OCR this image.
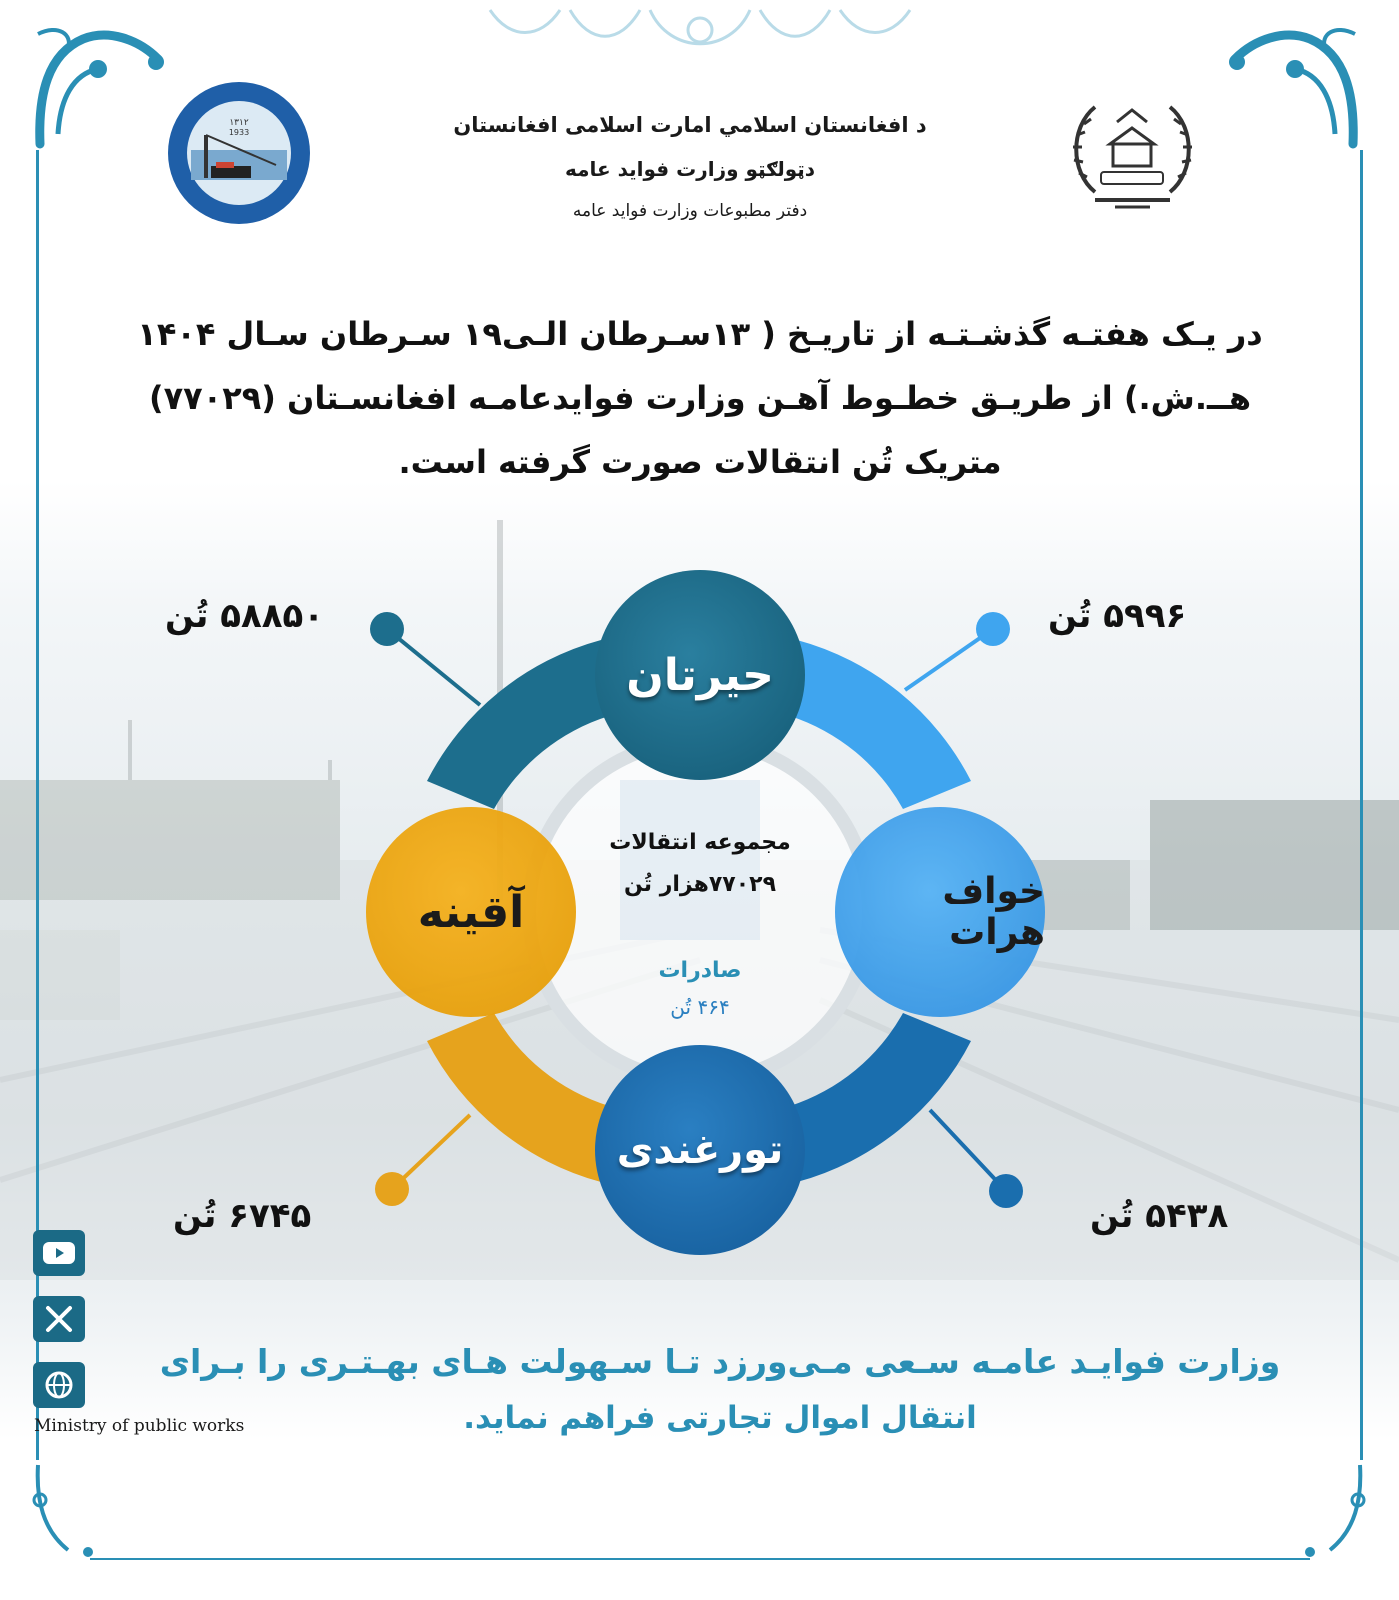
١٣١٢
1933	د افغانستان اسلامي امارت اسلامی افغانستان
دټولګټو وزارت فواید عامه
دفتر مطبوعات وزارت فواید عامه

در یـک هفتـه گذشـتـه از تاریـخ ( ۱۳سـرطان الـی۱۹ سـرطان سـال ۱۴۰۴

هــ.ش.) از طریـق خطـوط آهـن وزارت فوایدعامـه افغانسـتان (۷۷۰۲۹)

متریک تُن انتقالات صورت گرفته است.

حیرتان
خواف هرات
تورغندی
آقینه
۵۸۸۵۰ تُن	۵۹۹۶ تُن
۵۴۳۸ تُن
۶۷۴۵ تُن
مجموعه انتقالات
۷۷۰۲۹هزار تُن
صادرات
۴۶۴ تُن
Ministry of public works
وزارت فوایـد عامـه سـعی مـی‌ورزد تـا سـهولت هـای بهـتـری را بـرای
انتقال اموال تجارتی فراهم نماید.
